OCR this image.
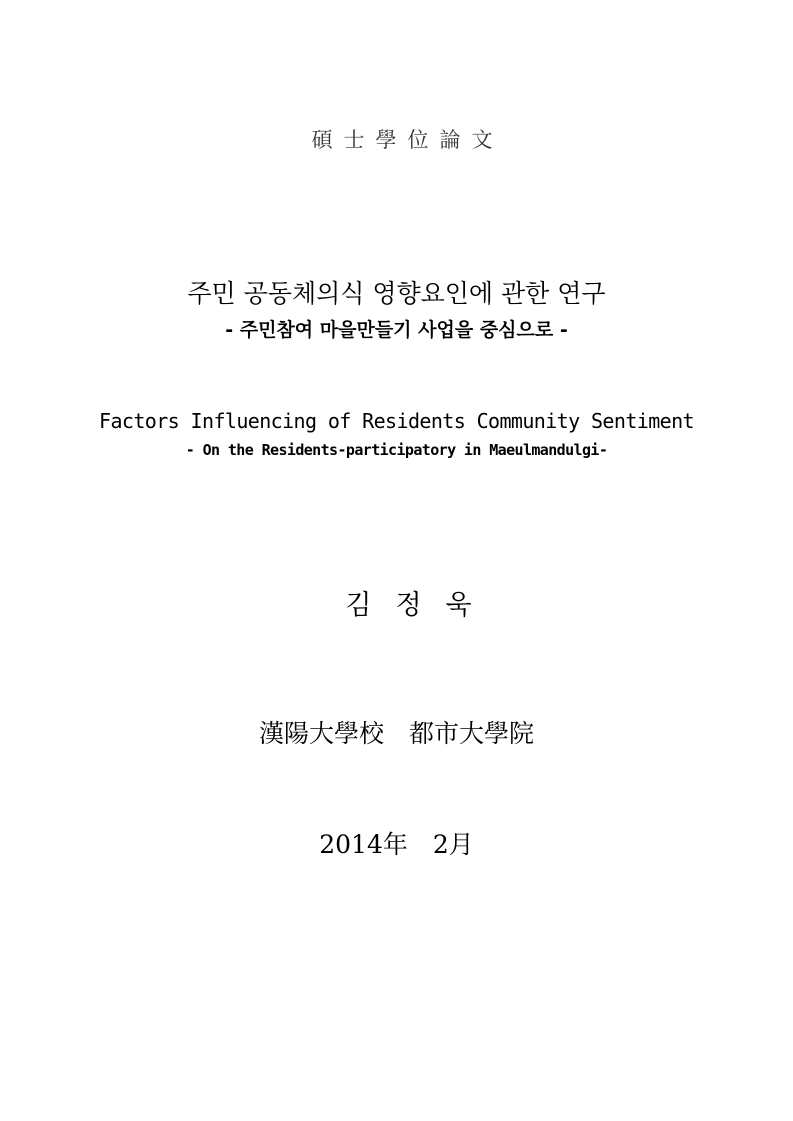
碩士學位論文
주민 공동체의식 영향요인에 관한 연구
- 주민참여 마을만들기 사업을 중심으로 -
Factors Influencing of Residents Community Sentiment
- On the Residents-participatory in Maeulmandulgi-
김정욱
漢陽大學校　都市大學院
2014年　2月
